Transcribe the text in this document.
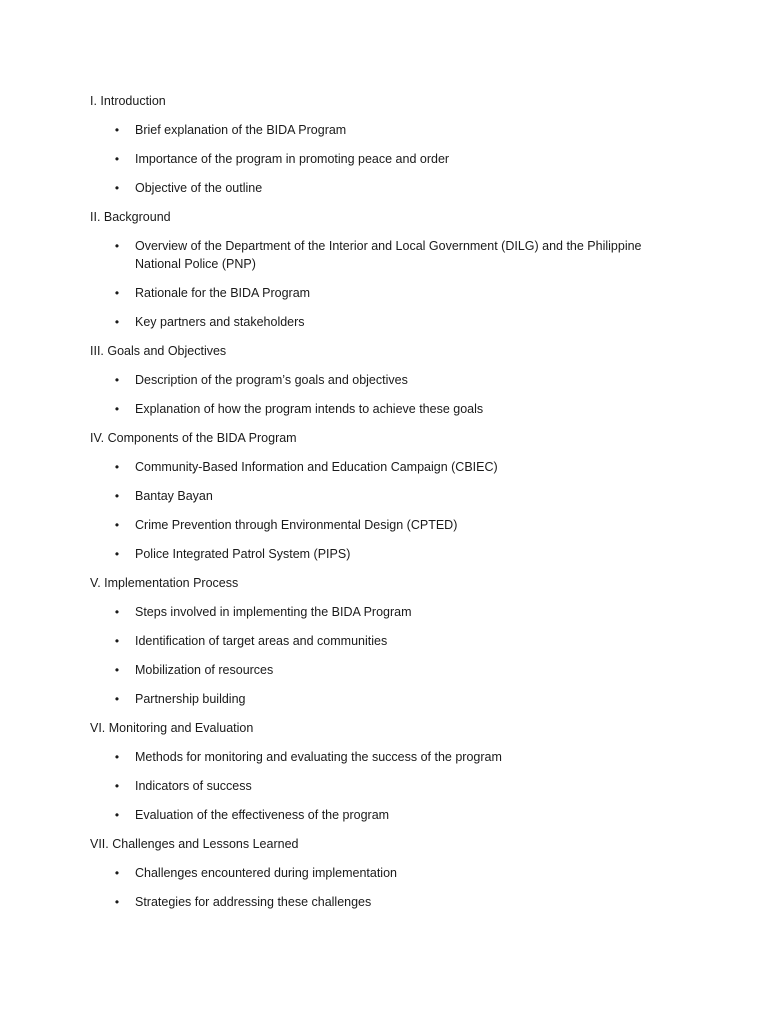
I. Introduction
• Brief explanation of the BIDA Program
• Importance of the program in promoting peace and order
• Objective of the outline
II. Background
• Overview of the Department of the Interior and Local Government (DILG) and the Philippine National Police (PNP)
• Rationale for the BIDA Program
• Key partners and stakeholders
III. Goals and Objectives
• Description of the program’s goals and objectives
• Explanation of how the program intends to achieve these goals
IV. Components of the BIDA Program
• Community-Based Information and Education Campaign (CBIEC)
• Bantay Bayan
• Crime Prevention through Environmental Design (CPTED)
• Police Integrated Patrol System (PIPS)
V. Implementation Process
• Steps involved in implementing the BIDA Program
• Identification of target areas and communities
• Mobilization of resources
• Partnership building
VI. Monitoring and Evaluation
• Methods for monitoring and evaluating the success of the program
• Indicators of success
• Evaluation of the effectiveness of the program
VII. Challenges and Lessons Learned
• Challenges encountered during implementation
• Strategies for addressing these challenges
